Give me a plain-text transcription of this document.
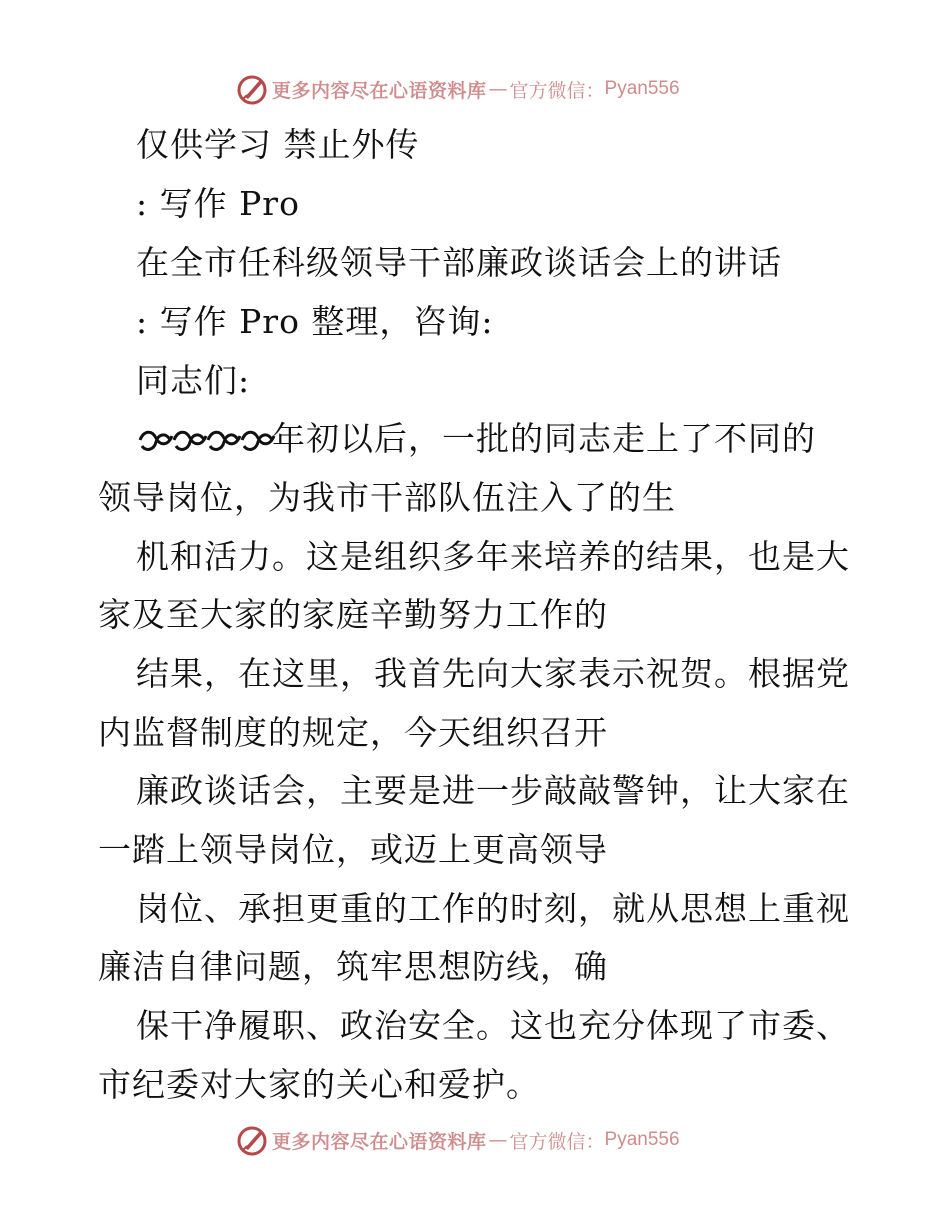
更多内容尽在心语资料库 — 官方微信： Pyan556
仅供学习 禁止外传
: 写作 Pro
在全市任科级领导干部廉政谈话会上的讲话
: 写作 Pro 整理，咨询:
同志们:
年初以后，一批的同志走上了不同的
领导岗位，为我市干部队伍注入了的生
机和活力。这是组织多年来培养的结果，也是大
家及至大家的家庭辛勤努力工作的
结果，在这里，我首先向大家表示祝贺。根据党
内监督制度的规定，今天组织召开
廉政谈话会，主要是进一步敲敲警钟，让大家在
一踏上领导岗位，或迈上更高领导
岗位、承担更重的工作的时刻，就从思想上重视
廉洁自律问题，筑牢思想防线，确
保干净履职、政治安全。这也充分体现了市委、
市纪委对大家的关心和爱护。
更多内容尽在心语资料库 — 官方微信： Pyan556
